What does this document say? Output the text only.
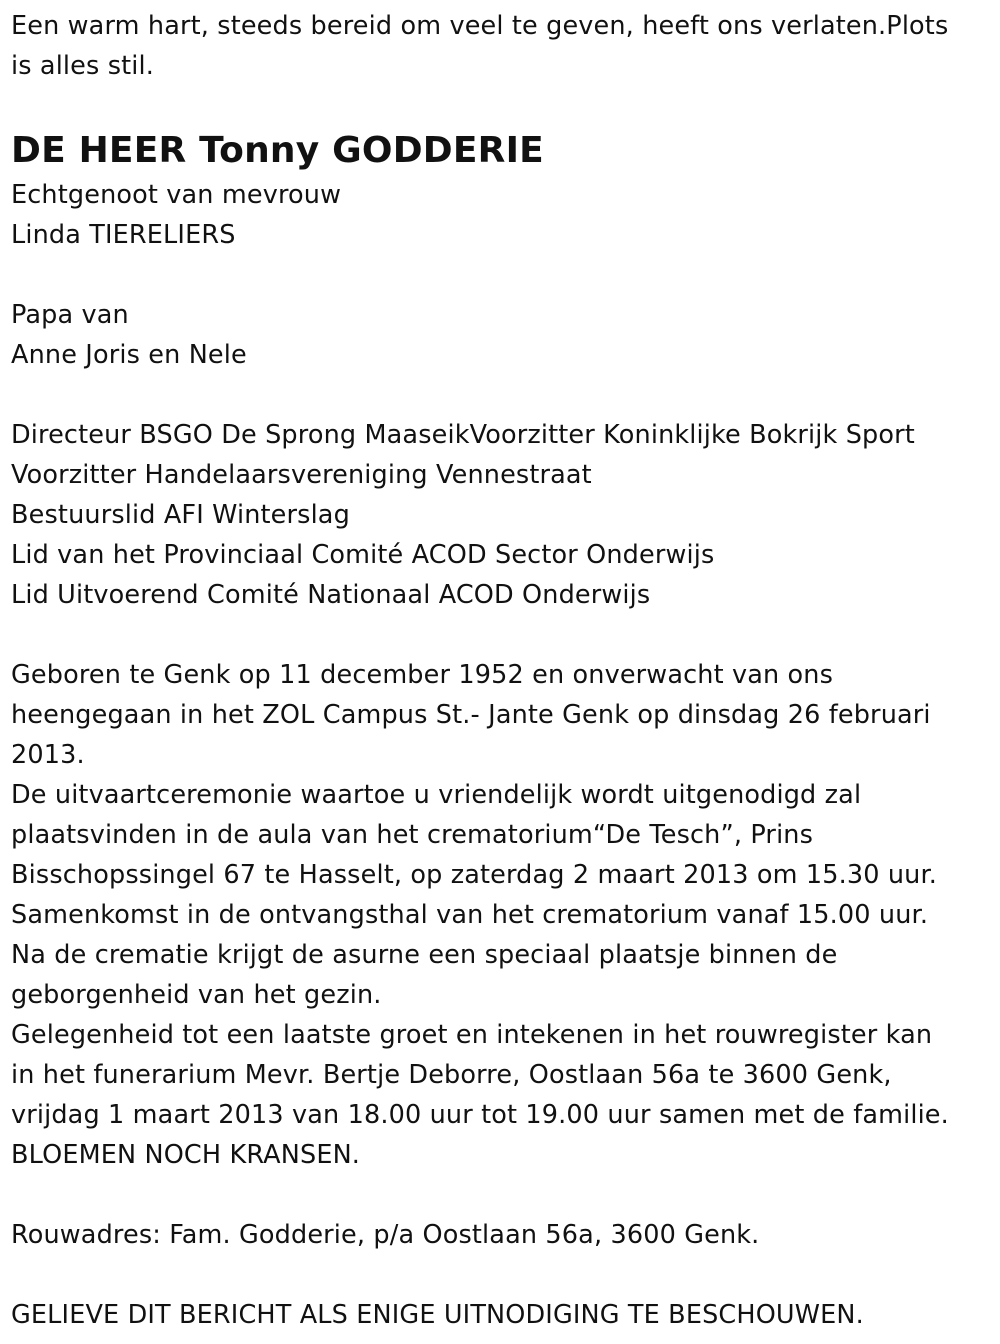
Een warm hart, steeds bereid om veel te geven, heeft ons verlaten.Plots
is alles stil.
DE HEER Tonny GODDERIE
Echtgenoot van mevrouw
Linda TIERELIERS
Papa van
Anne Joris en Nele
Directeur BSGO De Sprong MaaseikVoorzitter Koninklijke Bokrijk Sport
Voorzitter Handelaarsvereniging Vennestraat
Bestuurslid AFI Winterslag
Lid van het Provinciaal Comité ACOD Sector Onderwijs
Lid Uitvoerend Comité Nationaal ACOD Onderwijs
Geboren te Genk op 11 december 1952 en onverwacht van ons
heengegaan in het ZOL Campus St.- Jante Genk op dinsdag 26 februari
2013.
De uitvaartceremonie waartoe u vriendelijk wordt uitgenodigd zal
plaatsvinden in de aula van het crematorium“De Tesch”, Prins
Bisschopssingel 67 te Hasselt, op zaterdag 2 maart 2013 om 15.30 uur.
Samenkomst in de ontvangsthal van het crematorium vanaf 15.00 uur.
Na de crematie krijgt de asurne een speciaal plaatsje binnen de
geborgenheid van het gezin.
Gelegenheid tot een laatste groet en intekenen in het rouwregister kan
in het funerarium Mevr. Bertje Deborre, Oostlaan 56a te 3600 Genk,
vrijdag 1 maart 2013 van 18.00 uur tot 19.00 uur samen met de familie.
BLOEMEN NOCH KRANSEN.
Rouwadres: Fam. Godderie, p/a Oostlaan 56a, 3600 Genk.
GELIEVE DIT BERICHT ALS ENIGE UITNODIGING TE BESCHOUWEN.
